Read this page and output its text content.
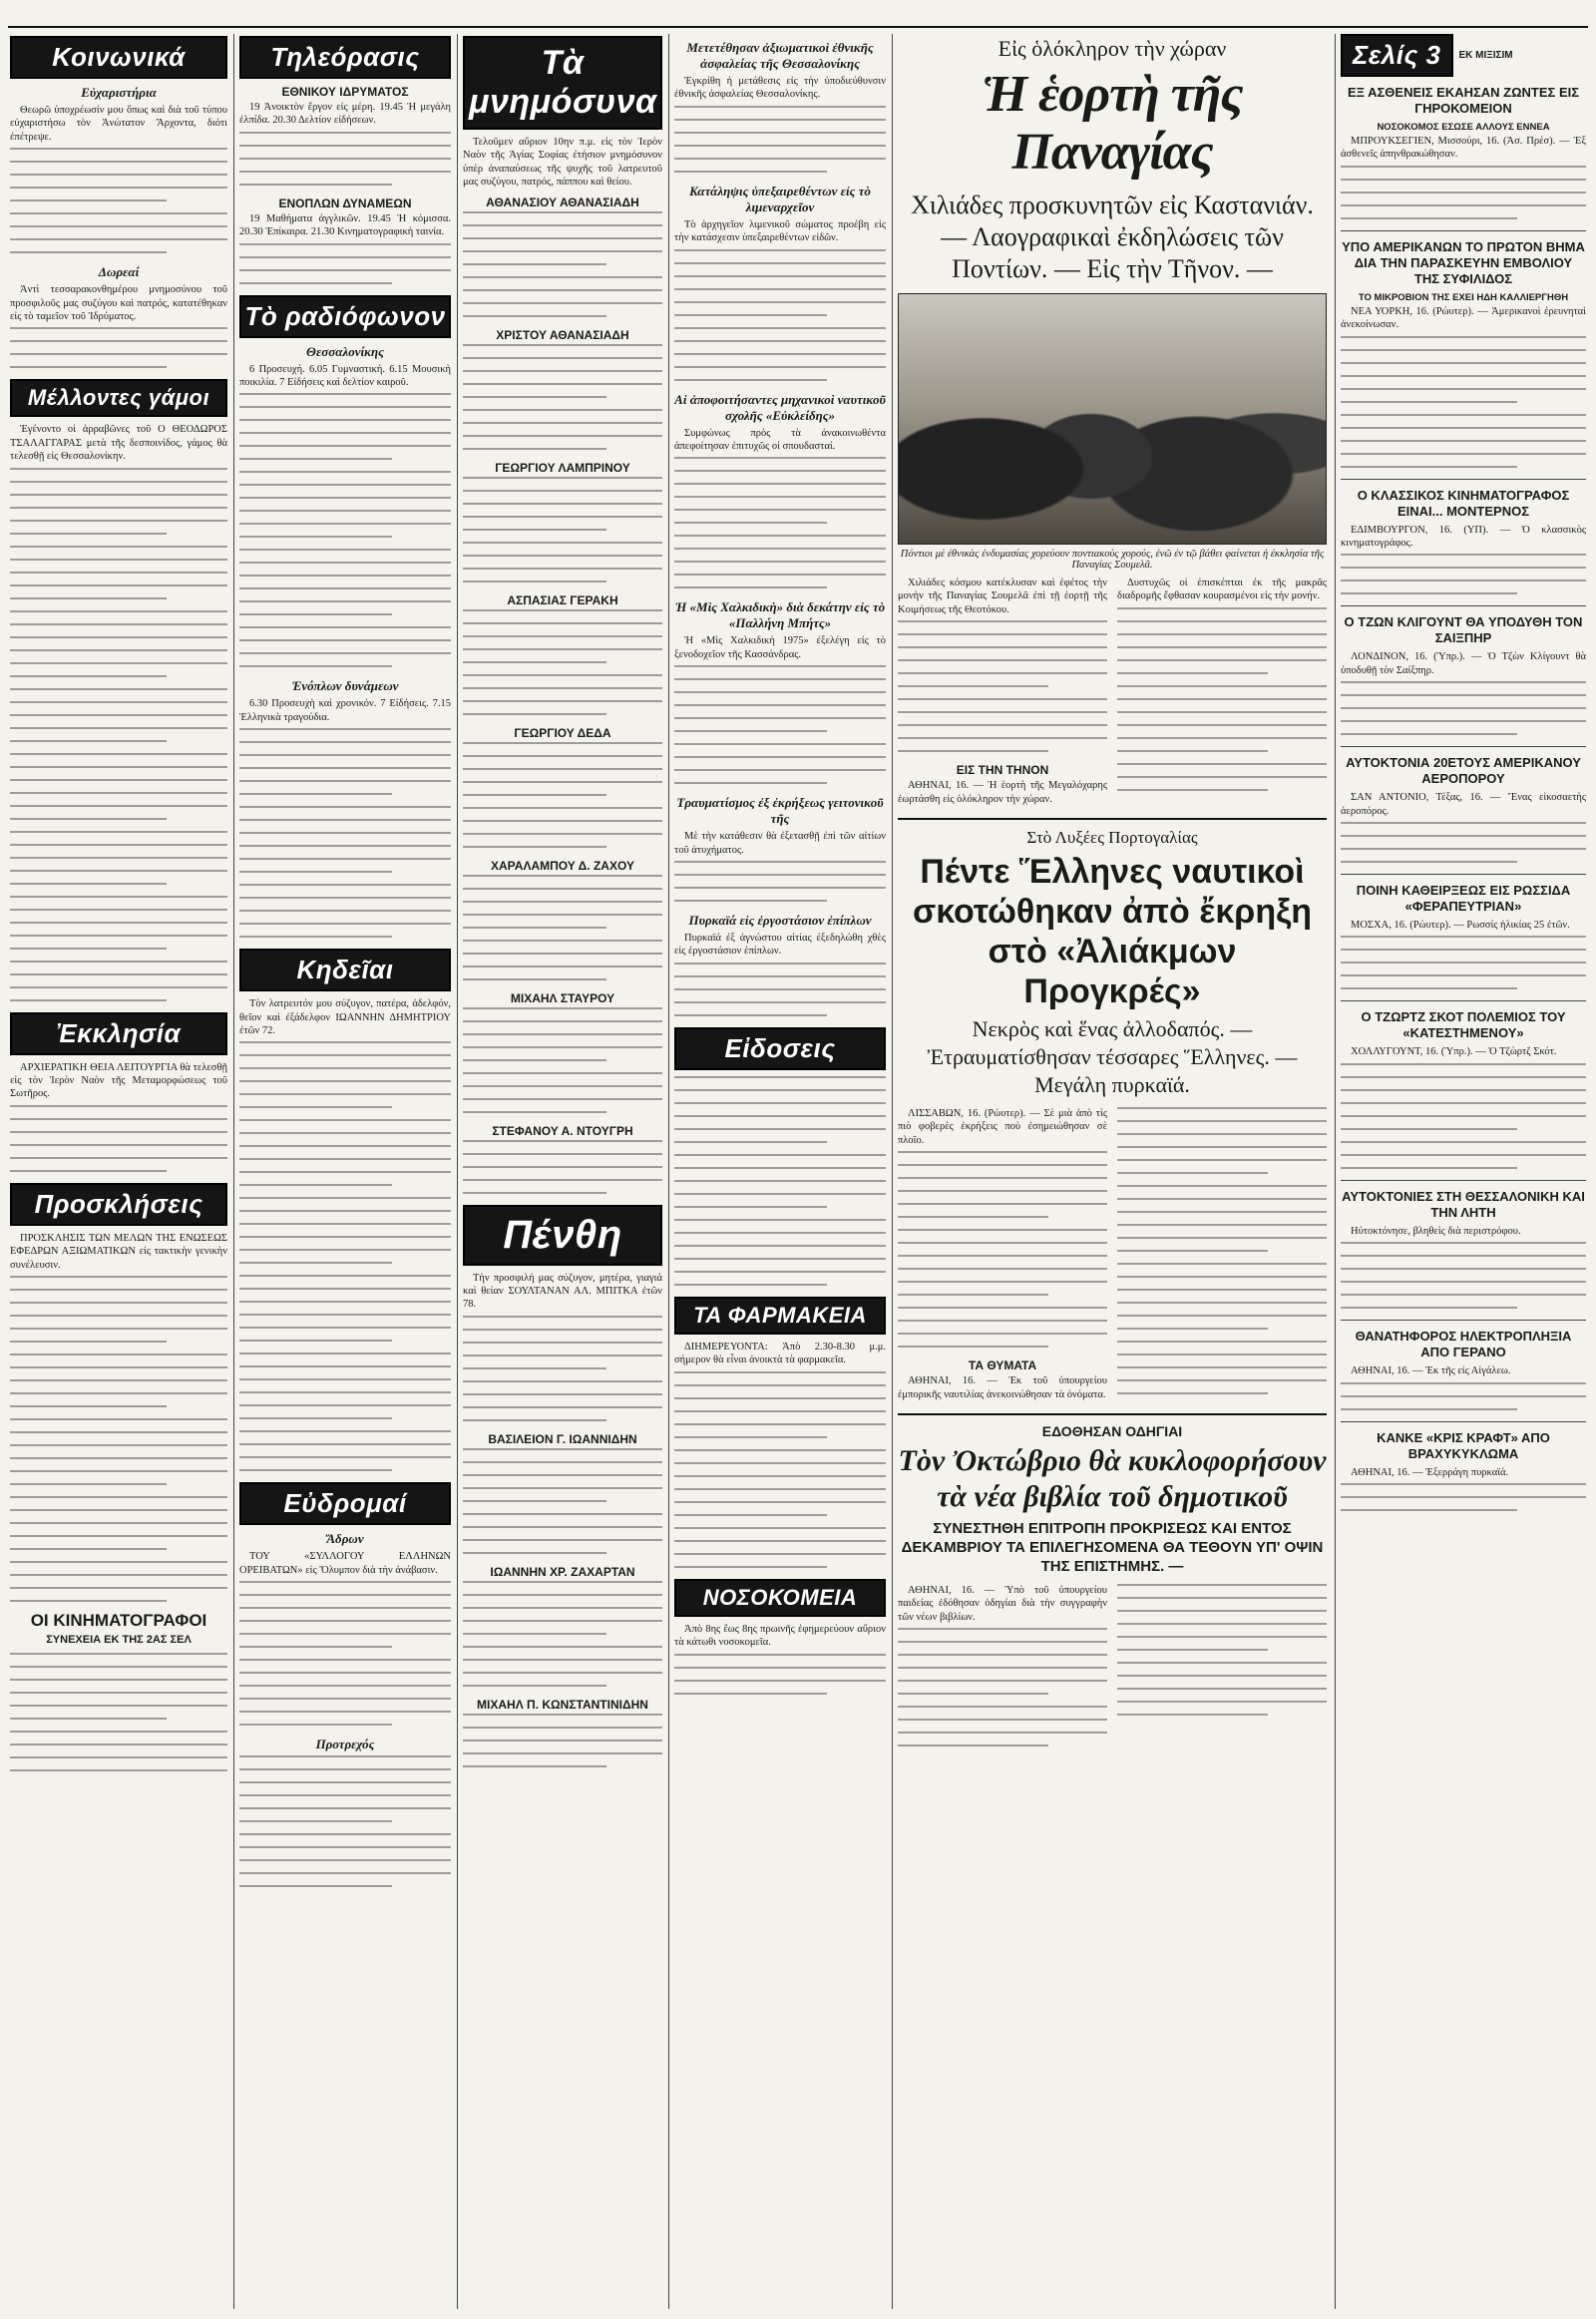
Κοινωνικά
Εὐχαριστήρια

Θεωρῶ ὑποχρέωσίν μου ὅπως καὶ διὰ τοῦ τύπου εὐχαριστήσω τὸν Ἀνώτατον Ἄρχοντα, διότι ἐπέτρεψε.

Δωρεαί

Ἀντὶ τεσσαρακονθημέρου μνημοσύνου τοῦ προσφιλοῦς μας συζύγου καὶ πατρός, κατατέθηκαν εἰς τὸ ταμεῖον τοῦ Ἱδρύματος.

Μέλλοντες γάμοι

Ἐγένοντο οἱ ἀρραβῶνες τοῦ Ο ΘΕΟΔΩΡΟΣ ΤΣΑΛΑΓΓΑΡΑΣ μετὰ τῆς δεσποινίδος, γάμος θὰ τελεσθῇ εἰς Θεσσαλονίκην.

Ἐκκλησία

ΑΡΧΙΕΡΑΤΙΚΗ ΘΕΙΑ ΛΕΙΤΟΥΡΓΙΑ θὰ τελεσθῇ εἰς τὸν Ἱερὸν Ναὸν τῆς Μεταμορφώσεως τοῦ Σωτῆρος.

Προσκλήσεις

ΠΡΟΣΚΛΗΣΙΣ ΤΩΝ ΜΕΛΩΝ ΤΗΣ ΕΝΩΣΕΩΣ ΕΦΕΔΡΩΝ ΑΞΙΩΜΑΤΙΚΩΝ εἰς τακτικὴν γενικὴν συνέλευσιν.

ΟΙ ΚΙΝΗΜΑΤΟΓΡΑΦΟΙ
ΣΥΝΕΧΕΙΑ ΕΚ ΤΗΣ 2ΑΣ ΣΕΛ
Τηλεόρασις
ΕΘΝΙΚΟΥ ΙΔΡΥΜΑΤΟΣ

19 Ἀνοικτὸν ἔργον εἰς μέρη. 19.45 Ἡ μεγάλη ἐλπίδα. 20.30 Δελτίον εἰδήσεων.

ΕΝΟΠΛΩΝ ΔΥΝΑΜΕΩΝ

19 Μαθήματα ἀγγλικῶν. 19.45 Ἡ κόμισσα. 20.30 Ἐπίκαιρα. 21.30 Κινηματογραφικὴ ταινία.

Τὸ ραδιόφωνον
Θεσσαλονίκης

6 Προσευχή. 6.05 Γυμναστική. 6.15 Μουσικὴ ποικιλία. 7 Εἰδήσεις καὶ δελτίον καιροῦ.

Ἐνόπλων δυνάμεων

6.30 Προσευχὴ καὶ χρονικόν. 7 Εἰδήσεις. 7.15 Ἑλληνικὰ τραγούδια.

Κηδεῖαι

Τὸν λατρευτόν μου σύζυγον, πατέρα, ἀδελφόν, θεῖον καὶ ἐξάδελφον ΙΩΑΝΝΗΝ ΔΗΜΗΤΡΙΟΥ ἐτῶν 72.

Εὐδρομαί
Ἄδρων

ΤΟΥ «ΣΥΛΛΟΓΟΥ ΕΛΛΗΝΩΝ ΟΡΕΙΒΑΤΩΝ» εἰς Ὄλυμπον διὰ τὴν ἀνάβασιν.

Προτρεχός
Τὰ μνημόσυνα

Τελοῦμεν αὔριον 10ην π.μ. εἰς τὸν Ἱερὸν Ναὸν τῆς Ἀγίας Σοφίας ἐτήσιον μνημόσυνον ὑπὲρ ἀναπαύσεως τῆς ψυχῆς τοῦ λατρευτοῦ μας συζύγου, πατρός, πάππου καὶ θείου.

ΑΘΑΝΑΣΙΟΥ ΑΘΑΝΑΣΙΑΔΗ
ΧΡΙΣΤΟΥ ΑΘΑΝΑΣΙΑΔΗ
ΓΕΩΡΓΙΟΥ ΛΑΜΠΡΙΝΟΥ
ΑΣΠΑΣΙΑΣ ΓΕΡΑΚΗ
ΓΕΩΡΓΙΟΥ ΔΕΔΑ
ΧΑΡΑΛΑΜΠΟΥ Δ. ΖΑΧΟΥ
ΜΙΧΑΗΛ ΣΤΑΥΡΟΥ
ΣΤΕΦΑΝΟΥ Α. ΝΤΟΥΓΡΗ
Πένθη

Τὴν προσφιλή μας σύζυγον, μητέρα, γιαγιά καὶ θείαν ΣΟΥΛΤΑΝΑΝ ΑΛ. ΜΠΙΤΚΑ ἐτῶν 78.

ΒΑΣΙΛΕΙΟΝ Γ. ΙΩΑΝΝΙΔΗΝ
ΙΩΑΝΝΗΝ ΧΡ. ΖΑΧΑΡΤΑΝ
ΜΙΧΑΗΛ Π. ΚΩΝΣΤΑΝΤΙΝΙΔΗΝ
Μετετέθησαν ἀξιωματικοὶ ἐθνικῆς ἀσφαλείας τῆς Θεσσαλονίκης

Ἐγκρίθη ἡ μετάθεσις εἰς τὴν ὑποδιεύθυνσιν ἐθνικῆς ἀσφαλείας Θεσσαλονίκης.

Κατάληψις ὑπεξαιρεθέντων εἰς τὸ λιμεναρχεῖον

Τὸ ἀρχηγεῖον λιμενικοῦ σώματος προέβη εἰς τὴν κατάσχεσιν ὑπεξαιρεθέντων εἰδῶν.

Αἱ ἀποφοιτήσαντες μηχανικοὶ ναυτικοῦ σχολῆς «Εὐκλείδης»

Συμφώνως πρὸς τὰ ἀνακοινωθέντα ἀπεφοίτησαν ἐπιτυχῶς οἱ σπουδασταί.

Ἡ «Μὶς Χαλκιδικὴ» διὰ δεκάτην εἰς τὸ «Παλλήνη Μπήτς»

Ἡ «Μὶς Χαλκιδικὴ 1975» ἐξελέγη εἰς τὸ ξενοδοχεῖον τῆς Κασσάνδρας.

Τραυματίσμος ἐξ ἐκρήξεως γειτονικοῦ τῆς

Μὲ τὴν κατάθεσιν θὰ ἐξετασθῇ ἐπὶ τῶν αἰτίων τοῦ ἀτυχήματος.

Πυρκαϊά εἰς ἐργοστάσιον ἐπίπλων

Πυρκαϊά ἐξ ἀγνώστου αἰτίας ἐξεδηλώθη χθὲς εἰς ἐργοστάσιον ἐπίπλων.

Εἰδοσεις
ΤΑ ΦΑΡΜΑΚΕΙΑ

ΔΙΗΜΕΡΕΥΟΝΤΑ: Ἀπὸ 2.30-8.30 μ.μ. σήμερον θὰ εἶναι ἀνοικτὰ τὰ φαρμακεῖα.

ΝΟΣΟΚΟΜΕΙΑ

Ἀπὸ 8ης ἕως 8ης πρωινῆς ἐφημερεύουν αὔριον τὰ κάτωθι νοσοκομεῖα.

Εἰς ὁλόκληρον τὴν χώραν
Ἡ ἑορτὴ τῆς Παναγίας
Χιλιάδες προσκυνητῶν εἰς Καστανιάν. — Λαογραφικαὶ ἐκδηλώσεις τῶν Ποντίων. — Εἰς τὴν Τῆνον. —
Πόντιοι μὲ ἐθνικὰς ἐνδυμασίας χορεύουν ποντιακοὺς χορούς, ἐνῶ ἐν τῷ βάθει φαίνεται ἡ ἐκκλησία τῆς Παναγίας Σουμελᾶ.

Χιλιάδες κόσμου κατέκλυσαν καὶ ἐφέτος τὴν μονὴν τῆς Παναγίας Σουμελᾶ ἐπὶ τῇ ἑορτῇ τῆς Κοιμήσεως τῆς Θεοτόκου.

ΕΙΣ ΤΗΝ ΤΗΝΟΝ

ΑΘΗΝΑΙ, 16. — Ἡ ἑορτὴ τῆς Μεγαλόχαρης ἑωρτάσθη εἰς ὁλόκληρον τὴν χώραν.

Δυστυχῶς οἱ ἐπισκέπται ἐκ τῆς μακρᾶς διαδρομῆς ἔφθασαν κουρασμένοι εἰς τὴν μονήν.

Στὸ Λυξέες Πορτογαλίας
Πέντε Ἕλληνες ναυτικοὶ σκοτώθηκαν ἀπὸ ἔκρηξη στὸ «Ἀλιάκμων Προγκρές»
Νεκρὸς καὶ ἕνας ἀλλοδαπός. — Ἐτραυματίσθησαν τέσσαρες Ἕλληνες. — Μεγάλη πυρκαϊά.

ΛΙΣΣΑΒΩΝ, 16. (Ρώυτερ). — Σὲ μιὰ ἀπὸ τὶς πιὸ φοβερὲς ἐκρήξεις ποὺ ἐσημειώθησαν σὲ πλοῖο.

ΤΑ ΘΥΜΑΤΑ

ΑΘΗΝΑΙ, 16. — Ἐκ τοῦ ὑπουργείου ἐμπορικῆς ναυτιλίας ἀνεκοινώθησαν τὰ ὀνόματα.

ΕΔΟΘΗΣΑΝ ΟΔΗΓΙΑΙ
Τὸν Ὀκτώβριο θὰ κυκλοφορήσουν τὰ νέα βιβλία τοῦ δημοτικοῦ
ΣΥΝΕΣΤΗΘΗ ΕΠΙΤΡΟΠΗ ΠΡΟΚΡΙΣΕΩΣ ΚΑΙ ΕΝΤΟΣ ΔΕΚΑΜΒΡΙΟΥ ΤΑ ΕΠΙΛΕΓΗΣΟΜΕΝΑ ΘΑ ΤΕΘΟΥΝ ΥΠ' ΟΨΙΝ ΤΗΣ ΕΠΙΣΤΗΜΗΣ. —

ΑΘΗΝΑΙ, 16. — Ὑπὸ τοῦ ὑπουργείου παιδείας ἐδόθησαν ὁδηγίαι διὰ τὴν συγγραφὴν τῶν νέων βιβλίων.

Σελίς 3	ΕΚ ΜΙΞΙΣΙΜ
ΕΞ ΑΣΘΕΝΕΙΣ ΕΚΑΗΣΑΝ ΖΩΝΤΕΣ ΕΙΣ ΓΗΡΟΚΟΜΕΙΟΝ
ΝΟΣΟΚΟΜΟΣ ΕΣΩΣΕ ΑΛΛΟΥΣ ΕΝΝΕΑ

ΜΠΡΟΥΚΣΕΓΙΕΝ, Μισσούρι, 16. (Ἀσ. Πρέσ). — Ἐξ ἀσθενεῖς ἀπηνθρακώθησαν.

ΥΠΟ ΑΜΕΡΙΚΑΝΩΝ ΤΟ ΠΡΩΤΟΝ ΒΗΜΑ ΔΙΑ ΤΗΝ ΠΑΡΑΣΚΕΥΗΝ ΕΜΒΟΛΙΟΥ ΤΗΣ ΣΥΦΙΛΙΔΟΣ
ΤΟ ΜΙΚΡΟΒΙΟΝ ΤΗΣ ΕΧΕΙ ΗΔΗ ΚΑΛΛΙΕΡΓΗΘΗ

ΝΕΑ ΥΟΡΚΗ, 16. (Ρώυτερ). — Ἀμερικανοὶ ἐρευνηταὶ ἀνεκοίνωσαν.

Ο ΚΛΑΣΣΙΚΟΣ ΚΙΝΗΜΑΤΟΓΡΑΦΟΣ ΕΙΝΑΙ... ΜΟΝΤΕΡΝΟΣ

ΕΔΙΜΒΟΥΡΓΟΝ, 16. (ΥΠ). — Ὁ κλασσικὸς κινηματογράφος.

Ο ΤΖΩΝ ΚΛΙΓΟΥΝΤ ΘΑ ΥΠΟΔΥΘΗ ΤΟΝ ΣΑΙΞΠΗΡ

ΛΟΝΔΙΝΟΝ, 16. (Ὑπρ.). — Ὁ Τζὼν Κλίγουντ θὰ ὑποδυθῇ τὸν Σαίξπηρ.

ΑΥΤΟΚΤΟΝΙΑ 20ΕΤΟΥΣ ΑΜΕΡΙΚΑΝΟΥ ΑΕΡΟΠΟΡΟΥ

ΣΑΝ ΑΝΤΟΝΙΟ, Τέξας, 16. — Ἕνας εἰκοσαετὴς ἀεροπόρος.

ΠΟΙΝΗ ΚΑΘΕΙΡΞΕΩΣ ΕΙΣ ΡΩΣΣΙΔΑ «ΦΕΡΑΠΕΥΤΡΙΑΝ»

ΜΟΣΧΑ, 16. (Ρώυτερ). — Ρωσσίς ἠλικίας 25 ἐτῶν.

Ο ΤΖΩΡΤΖ ΣΚΟΤ ΠΟΛΕΜΙΟΣ ΤΟΥ «ΚΑΤΕΣΤΗΜΕΝΟΥ»

ΧΟΛΛΥΓΟΥΝΤ, 16. (Ὑπρ.). — Ὁ Τζὼρτζ Σκότ.

ΑΥΤΟΚΤΟΝΙΕΣ ΣΤΗ ΘΕΣΣΑΛΟΝΙΚΗ ΚΑΙ ΤΗΝ ΛΗΤΗ

Ηὐτοκτόνησε, βληθεὶς διὰ περιστρόφου.

ΘΑΝΑΤΗΦΟΡΟΣ ΗΛΕΚΤΡΟΠΛΗΞΙΑ ΑΠΟ ΓΕΡΑΝΟ

ΑΘΗΝΑΙ, 16. — Ἐκ τῆς εἰς Αἰγάλεω.

ΚΑΝΚΕ «ΚΡΙΣ ΚΡΑΦΤ» ΑΠΟ ΒΡΑΧΥΚΥΚΛΩΜΑ

ΑΘΗΝΑΙ, 16. — Ἐξερράγη πυρκαϊά.
